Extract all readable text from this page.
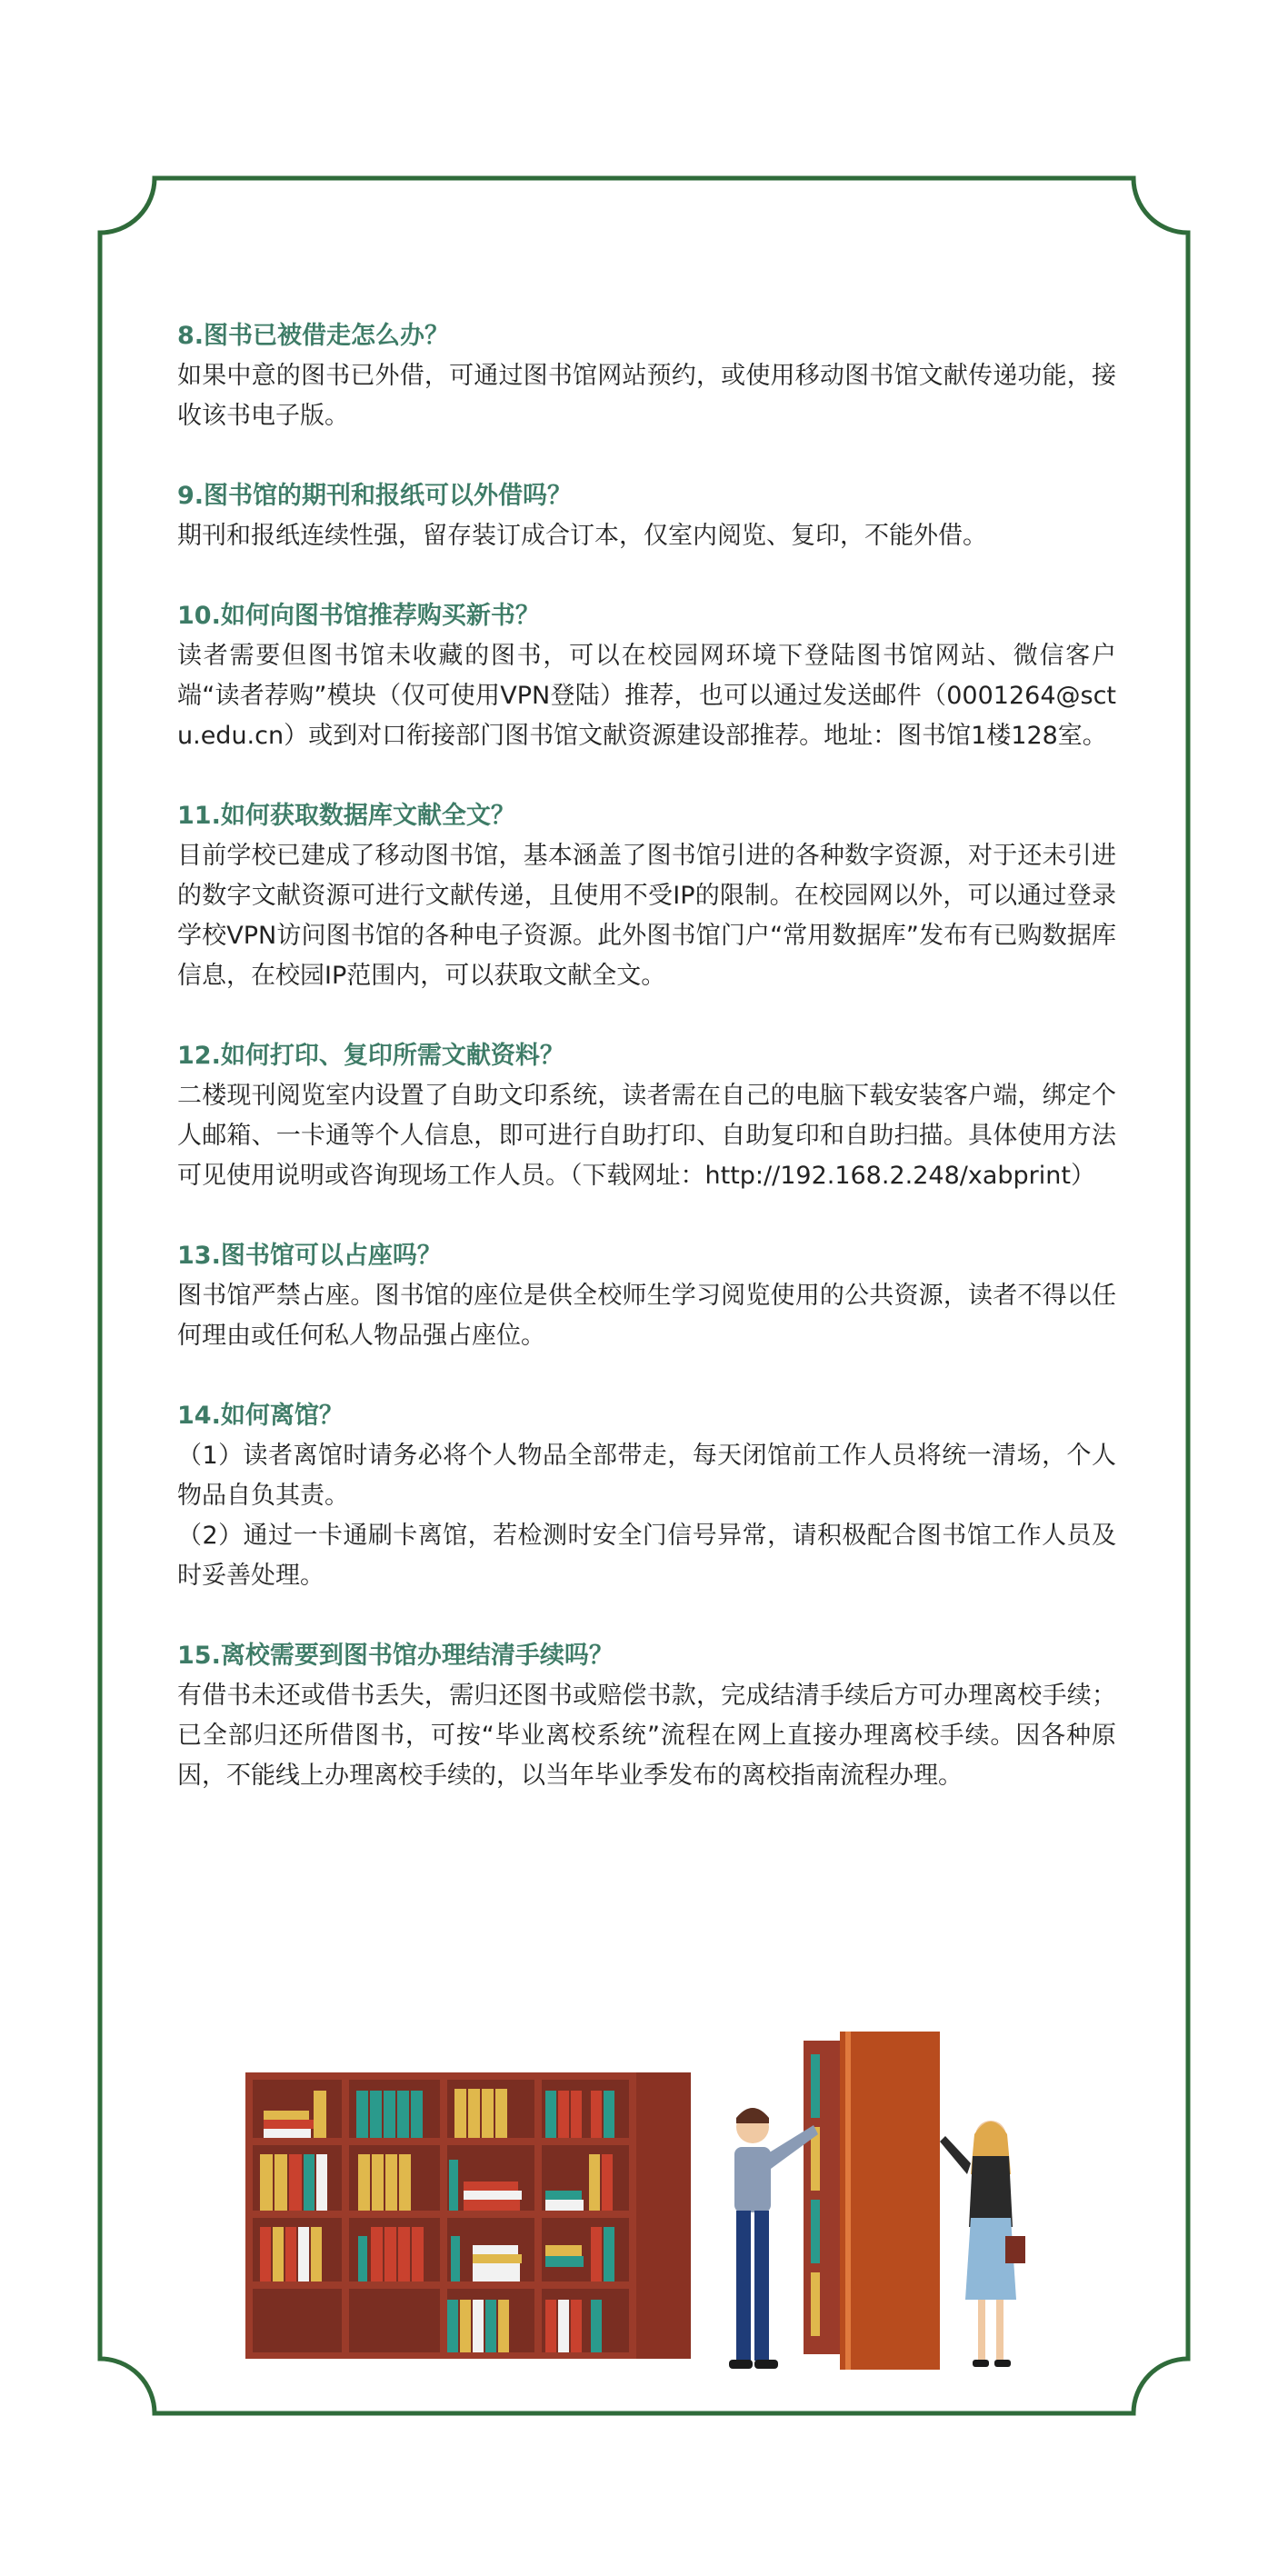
8.图书已被借走怎么办？

如果中意的图书已外借，可通过图书馆网站预约，或使用移动图书馆文献传递功能，接收该书电子版。

9.图书馆的期刊和报纸可以外借吗？

期刊和报纸连续性强，留存装订成合订本，仅室内阅览、复印，不能外借。

10.如何向图书馆推荐购买新书？

读者需要但图书馆未收藏的图书，可以在校园网环境下登陆图书馆网站、微信客户端“读者荐购”模块（仅可使用VPN登陆）推荐，也可以通过发送邮件（0001264@sctu.edu.cn）或到对口衔接部门图书馆文献资源建设部推荐。地址：图书馆1楼128室。

11.如何获取数据库文献全文？

目前学校已建成了移动图书馆，基本涵盖了图书馆引进的各种数字资源，对于还未引进的数字文献资源可进行文献传递，且使用不受IP的限制。在校园网以外，可以通过登录学校VPN访问图书馆的各种电子资源。此外图书馆门户“常用数据库”发布有已购数据库信息，在校园IP范围内，可以获取文献全文。

12.如何打印、复印所需文献资料？

二楼现刊阅览室内设置了自助文印系统，读者需在自己的电脑下载安装客户端，绑定个人邮箱、一卡通等个人信息，即可进行自助打印、自助复印和自助扫描。具体使用方法可见使用说明或咨询现场工作人员。（下载网址：http://192.168.2.248/xabprint）

13.图书馆可以占座吗？

图书馆严禁占座。图书馆的座位是供全校师生学习阅览使用的公共资源，读者不得以任何理由或任何私人物品强占座位。

14.如何离馆？

（1）读者离馆时请务必将个人物品全部带走，每天闭馆前工作人员将统一清场，个人物品自负其责。

（2）通过一卡通刷卡离馆，若检测时安全门信号异常，请积极配合图书馆工作人员及时妥善处理。

15.离校需要到图书馆办理结清手续吗？

有借书未还或借书丢失，需归还图书或赔偿书款，完成结清手续后方可办理离校手续；已全部归还所借图书，可按“毕业离校系统”流程在网上直接办理离校手续。因各种原因，不能线上办理离校手续的，以当年毕业季发布的离校指南流程办理。
